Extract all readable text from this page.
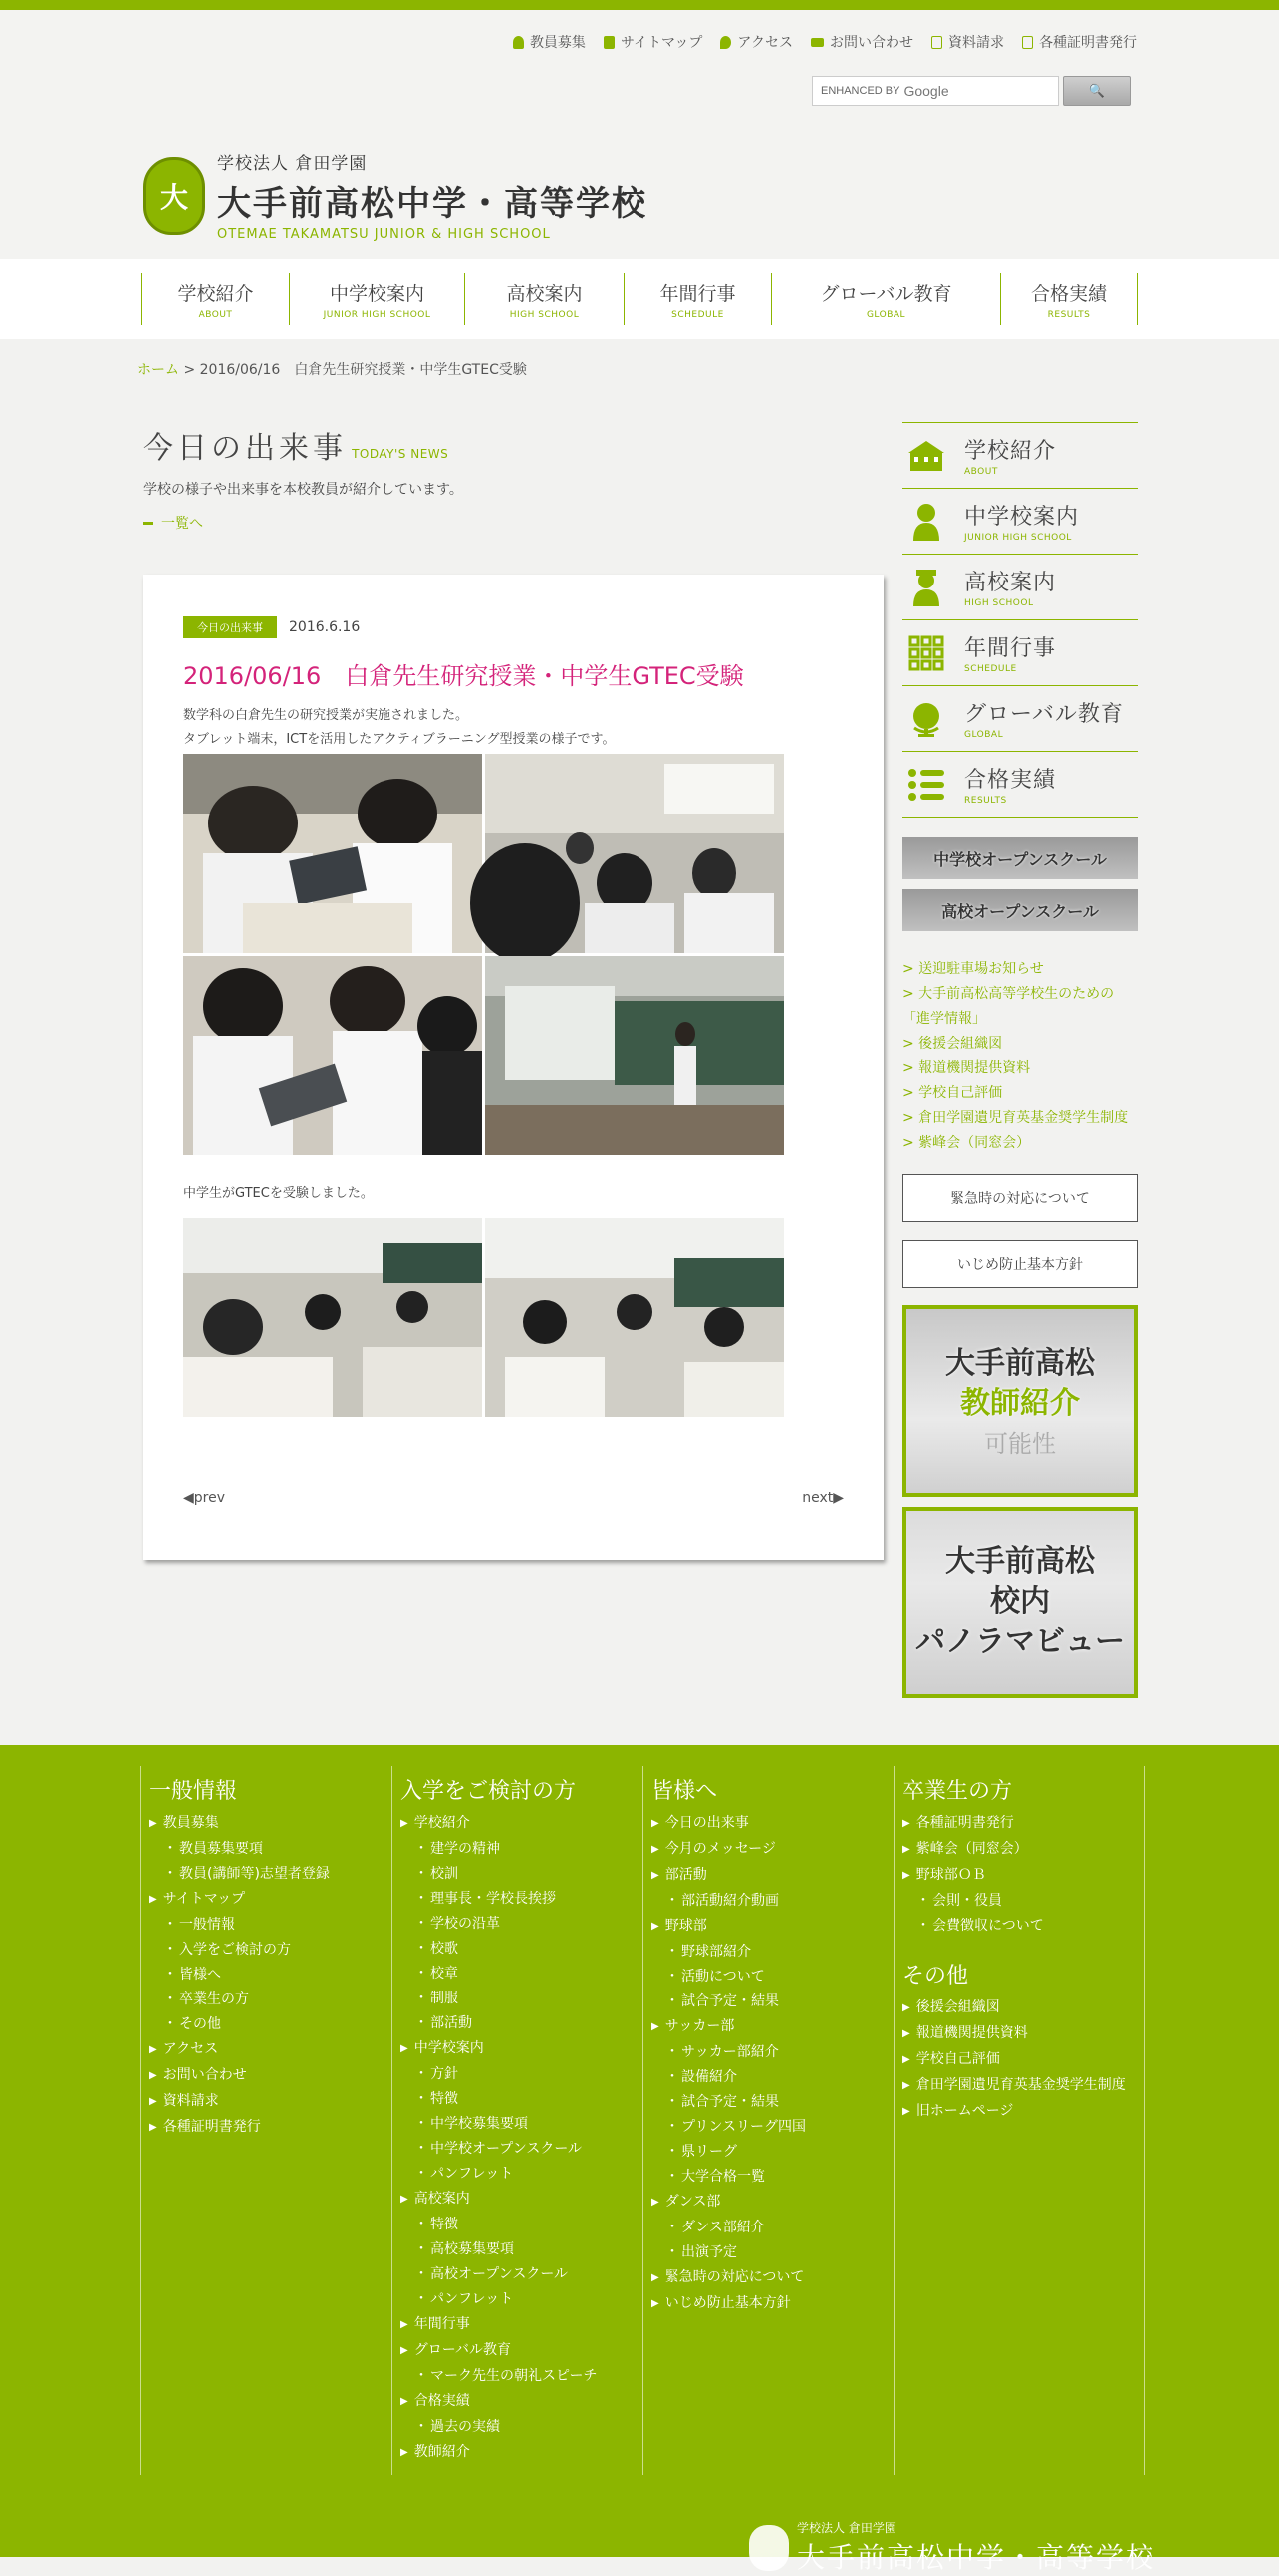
教員募集	サイトマップ	アクセス	お問い合わせ	資料請求	各種証明書発行
ENHANCED BY Google	🔍
大
学校法人 倉田学園
大手前高松中学・高等学校
OTEMAE TAKAMATSU JUNIOR & HIGH SCHOOL
学校紹介
ABOUT
中学校案内
JUNIOR HIGH SCHOOL
高校案内
HIGH SCHOOL
年間行事
SCHEDULE
グローバル教育
GLOBAL
合格実績
RESULTS
ホーム > 2016/06/16　白倉先生研究授業・中学生GTEC受験
今日の出来事 TODAY'S NEWS
学校の様子や出来事を本校教員が紹介しています。
一覧へ
今日の出来事	2016.6.16
2016/06/16　白倉先生研究授業・中学生GTEC受験
数学科の白倉先生の研究授業が実施されました。
タブレット端末，ICTを活用したアクティブラーニング型授業の様子です。
中学生がGTECを受験しました。
◀prev	next▶
学校紹介
ABOUT
中学校案内
JUNIOR HIGH SCHOOL
高校案内
HIGH SCHOOL
年間行事
SCHEDULE
グローバル教育
GLOBAL
合格実績
RESULTS
中学校オープンスクール
高校オープンスクール
> 送迎駐車場お知らせ
> 大手前高松高等学校生のための
「進学情報」
> 後援会組織図
> 報道機関提供資料
> 学校自己評価
> 倉田学園遺児育英基金奨学生制度
> 紫峰会（同窓会）
緊急時の対応について
いじめ防止基本方針
大手前高松
教師紹介
可能性
大手前高松
校内
パノラマビュー
一般情報
▶ 教員募集
・ 教員募集要項
・ 教員(講師等)志望者登録
▶ サイトマップ
・ 一般情報
・ 入学をご検討の方
・ 皆様へ
・ 卒業生の方
・ その他
▶ アクセス
▶ お問い合わせ
▶ 資料請求
▶ 各種証明書発行
入学をご検討の方
▶ 学校紹介
・ 建学の精神
・ 校訓
・ 理事長・学校長挨拶
・ 学校の沿革
・ 校歌
・ 校章
・ 制服
・ 部活動
▶ 中学校案内
・ 方針
・ 特徴
・ 中学校募集要項
・ 中学校オープンスクール
・ パンフレット
▶ 高校案内
・ 特徴
・ 高校募集要項
・ 高校オープンスクール
・ パンフレット
▶ 年間行事
▶ グローバル教育
・ マーク先生の朝礼スピーチ
▶ 合格実績
・ 過去の実績
▶ 教師紹介
皆様へ
▶ 今日の出来事
▶ 今月のメッセージ
▶ 部活動
・ 部活動紹介動画
▶ 野球部
・ 野球部紹介
・ 活動について
・ 試合予定・結果
▶ サッカー部
・ サッカー部紹介
・ 設備紹介
・ 試合予定・結果
・ プリンスリーグ四国
・ 県リーグ
・ 大学合格一覧
▶ ダンス部
・ ダンス部紹介
・ 出演予定
▶ 緊急時の対応について
▶ いじめ防止基本方針
卒業生の方
▶ 各種証明書発行
▶ 紫峰会（同窓会）
▶ 野球部ＯＢ
・ 会則・役員
・ 会費徴収について
その他
▶ 後援会組織図
▶ 報道機関提供資料
▶ 学校自己評価
▶ 倉田学園遺児育英基金奨学生制度
▶ 旧ホームページ
学校法人 倉田学園
大手前高松中学・高等学校
